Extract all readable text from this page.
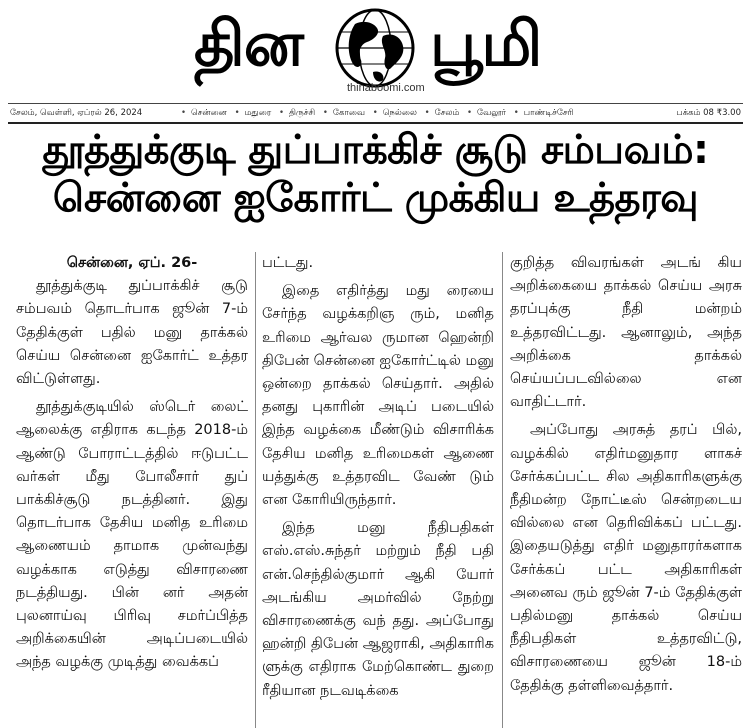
தின பூமி
thinaboomi.com
சேலம், வெள்ளி, ஏப்ரல் 26, 2024	• சென்னை • மதுரை • திருச்சி • கோவை • நெல்லை • சேலம் • வேலூர் • பாண்டிச்சேரி	பக்கம் 08 ₹3.00
தூத்துக்குடி துப்பாக்கிச் சூடு சம்பவம்:
சென்னை ஐகோர்ட் முக்கிய உத்தரவு
சென்னை, ஏப். 26-

தூத்துக்குடி துப்பாக்கிச் சூடு சம்பவம் தொடர்பாக ஜூன் 7-ம் தேதிக்குள் பதில் மனு தாக்கல் செய்ய சென்னை ஐகோர்ட் உத்தர விட்டுள்ளது.

தூத்துக்குடியில் ஸ்டெர் லைட் ஆலைக்கு எதிராக கடந்த 2018-ம் ஆண்டு போராட்டத்தில் ஈடுபட்ட வர்கள் மீது போலீசார் துப் பாக்கிச்சூடு நடத்தினர். இது தொடர்பாக தேசிய மனித உரிமை ஆணையம் தாமாக முன்வந்து வழக்காக எடுத்து விசாரணை நடத்தியது. பின் னர் அதன் புலனாய்வு பிரிவு சமர்ப்பித்த அறிக்கையின் அடிப்படையில் அந்த வழக்கு முடித்து வைக்கப்

பட்டது.

இதை எதிர்த்து மது ரையை சேர்ந்த வழக்கறிஞ ரும், மனித உரிமை ஆர்வல ருமான ஹென்றி திபேன் சென்னை ஐகோர்ட்டில் மனு ஒன்றை தாக்கல் செய்தார். அதில் தனது புகாரின் அடிப் படையில் இந்த வழக்கை மீண்டும் விசாரிக்க தேசிய மனித உரிமைகள் ஆணை யத்துக்கு உத்தரவிட வேண் டும் என கோரியிருந்தார்.

இந்த மனு நீதிபதிகள் எஸ்.எஸ்.சுந்தர் மற்றும் நீதி பதி என்.செந்தில்குமார் ஆகி யோர் அடங்கிய அமர்வில் நேற்று விசாரணைக்கு வந் தது. அப்போது ஹன்றி திபேன் ஆஜராகி, அதிகாரிக ளுக்கு எதிராக மேற்கொண்ட துறை ரீதியான நடவடிக்கை

குறித்த விவரங்கள் அடங் கிய அறிக்கையை தாக்கல் செய்ய அரசு தரப்புக்கு நீதி மன்றம் உத்தரவிட்டது. ஆனாலும், அந்த அறிக்கை தாக்கல் செய்யப்படவில்லை என வாதிட்டார்.

அப்போது அரசுத் தரப் பில், வழக்கில் எதிர்மனுதார ளாகச் சேர்க்கப்பட்ட சில அதிகாரிகளுக்கு நீதிமன்ற நோட்டீஸ் சென்றடைய வில்லை என தெரிவிக்கப் பட்டது. இதையடுத்து எதிர் மனுதாரர்களாக சேர்க்கப் பட்ட அதிகாரிகள் அனைவ ரும் ஜூன் 7-ம் தேதிக்குள் பதில்மனு தாக்கல் செய்ய நீதிபதிகள் உத்தரவிட்டு, விசாரணையை ஜூன் 18-ம் தேதிக்கு தள்ளிவைத்தார்.
